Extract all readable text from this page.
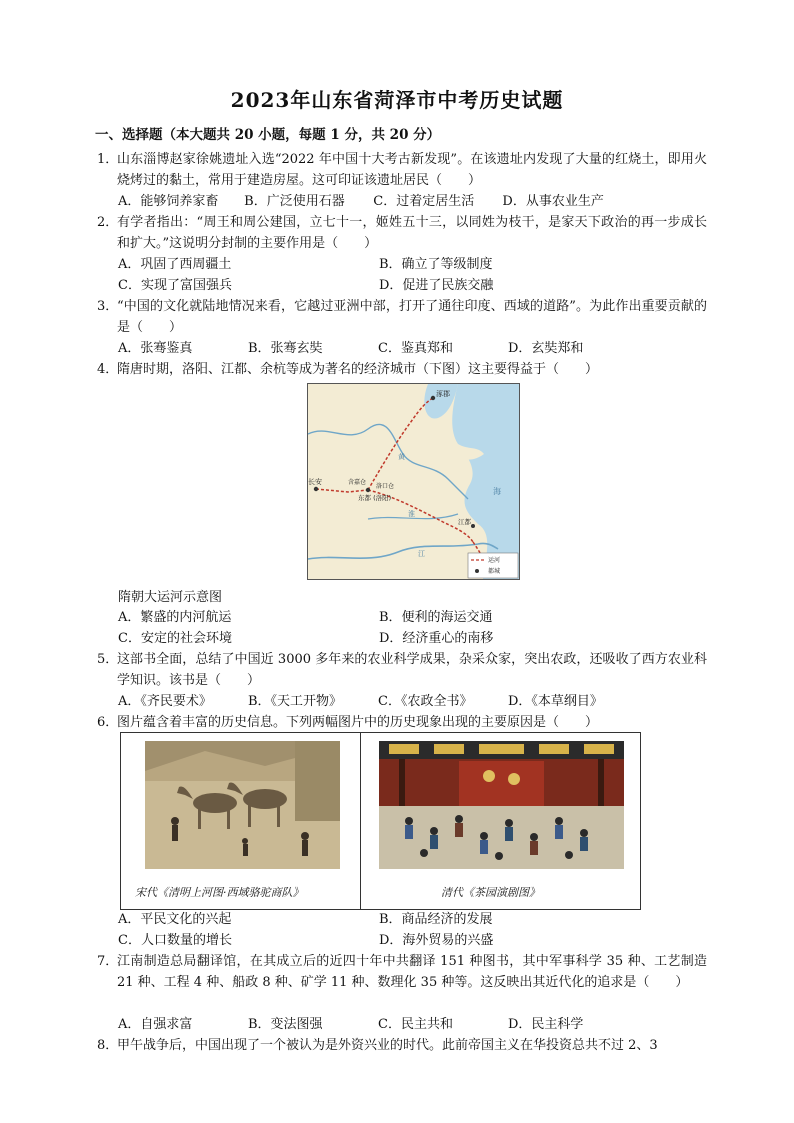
2023年山东省菏泽市中考历史试题
一、选择题（本大题共 20 小题，每题 1 分，共 20 分）
1．
山东淄博赵家徐姚遗址入选“2022 年中国十大考古新发现”。在该遗址内发现了大量的红烧土，即用火烧烤过的黏土，常用于建造房屋。这可印证该遗址居民（　　）
A．能够饲养家畜 B．广泛使用石器 C．过着定居生活 D．从事农业生产
2．
有学者指出：“周王和周公建国，立七十一，姬姓五十三，以同姓为枝干，是家天下政治的再一步成长和扩大。”这说明分封制的主要作用是（　　）
A．巩固了西周疆土	B．确立了等级制度
C．实现了富国强兵	D．促进了民族交融
3．
“中国的文化就陆地情况来看，它越过亚洲中部，打开了通往印度、西域的道路”。为此作出重要贡献的是（　　）
A．张骞鉴真	B．张骞玄奘	C．鉴真郑和	D．玄奘郑和
4．
隋唐时期，洛阳、江都、余杭等成为著名的经济城市（下图）这主要得益于（　　）
涿郡
长安	含嘉仓
洛口仓
东都 (洛阳)
江都
黄
淮
江
海
运河
都城
隋朝大运河示意图
A．繁盛的内河航运	B．便利的海运交通
C．安定的社会环境	D．经济重心的南移
5．
这部书全面，总结了中国近 3000 多年来的农业科学成果，杂采众家，突出农政，还吸收了西方农业科学知识。该书是（　　）
A．《齐民要术》	B．《天工开物》	C．《农政全书》	D．《本草纲目》
6．
图片蕴含着丰富的历史信息。下列两幅图片中的历史现象出现的主要原因是（　　）
宋代《清明上河图·西域骆驼商队》	清代《茶园演剧图》
A．平民文化的兴起	B．商品经济的发展
C．人口数量的增长	D．海外贸易的兴盛
7．
江南制造总局翻译馆，在其成立后的近四十年中共翻译 151 种图书，其中军事科学 35 种、工艺制造 21 种、工程 4 种、船政 8 种、矿学 11 种、数理化 35 种等。这反映出其近代化的追求是（　　）
A．自强求富	B．变法图强	C．民主共和	D．民主科学
8．
甲午战争后，中国出现了一个被认为是外资兴业的时代。此前帝国主义在华投资总共不过 2、3
